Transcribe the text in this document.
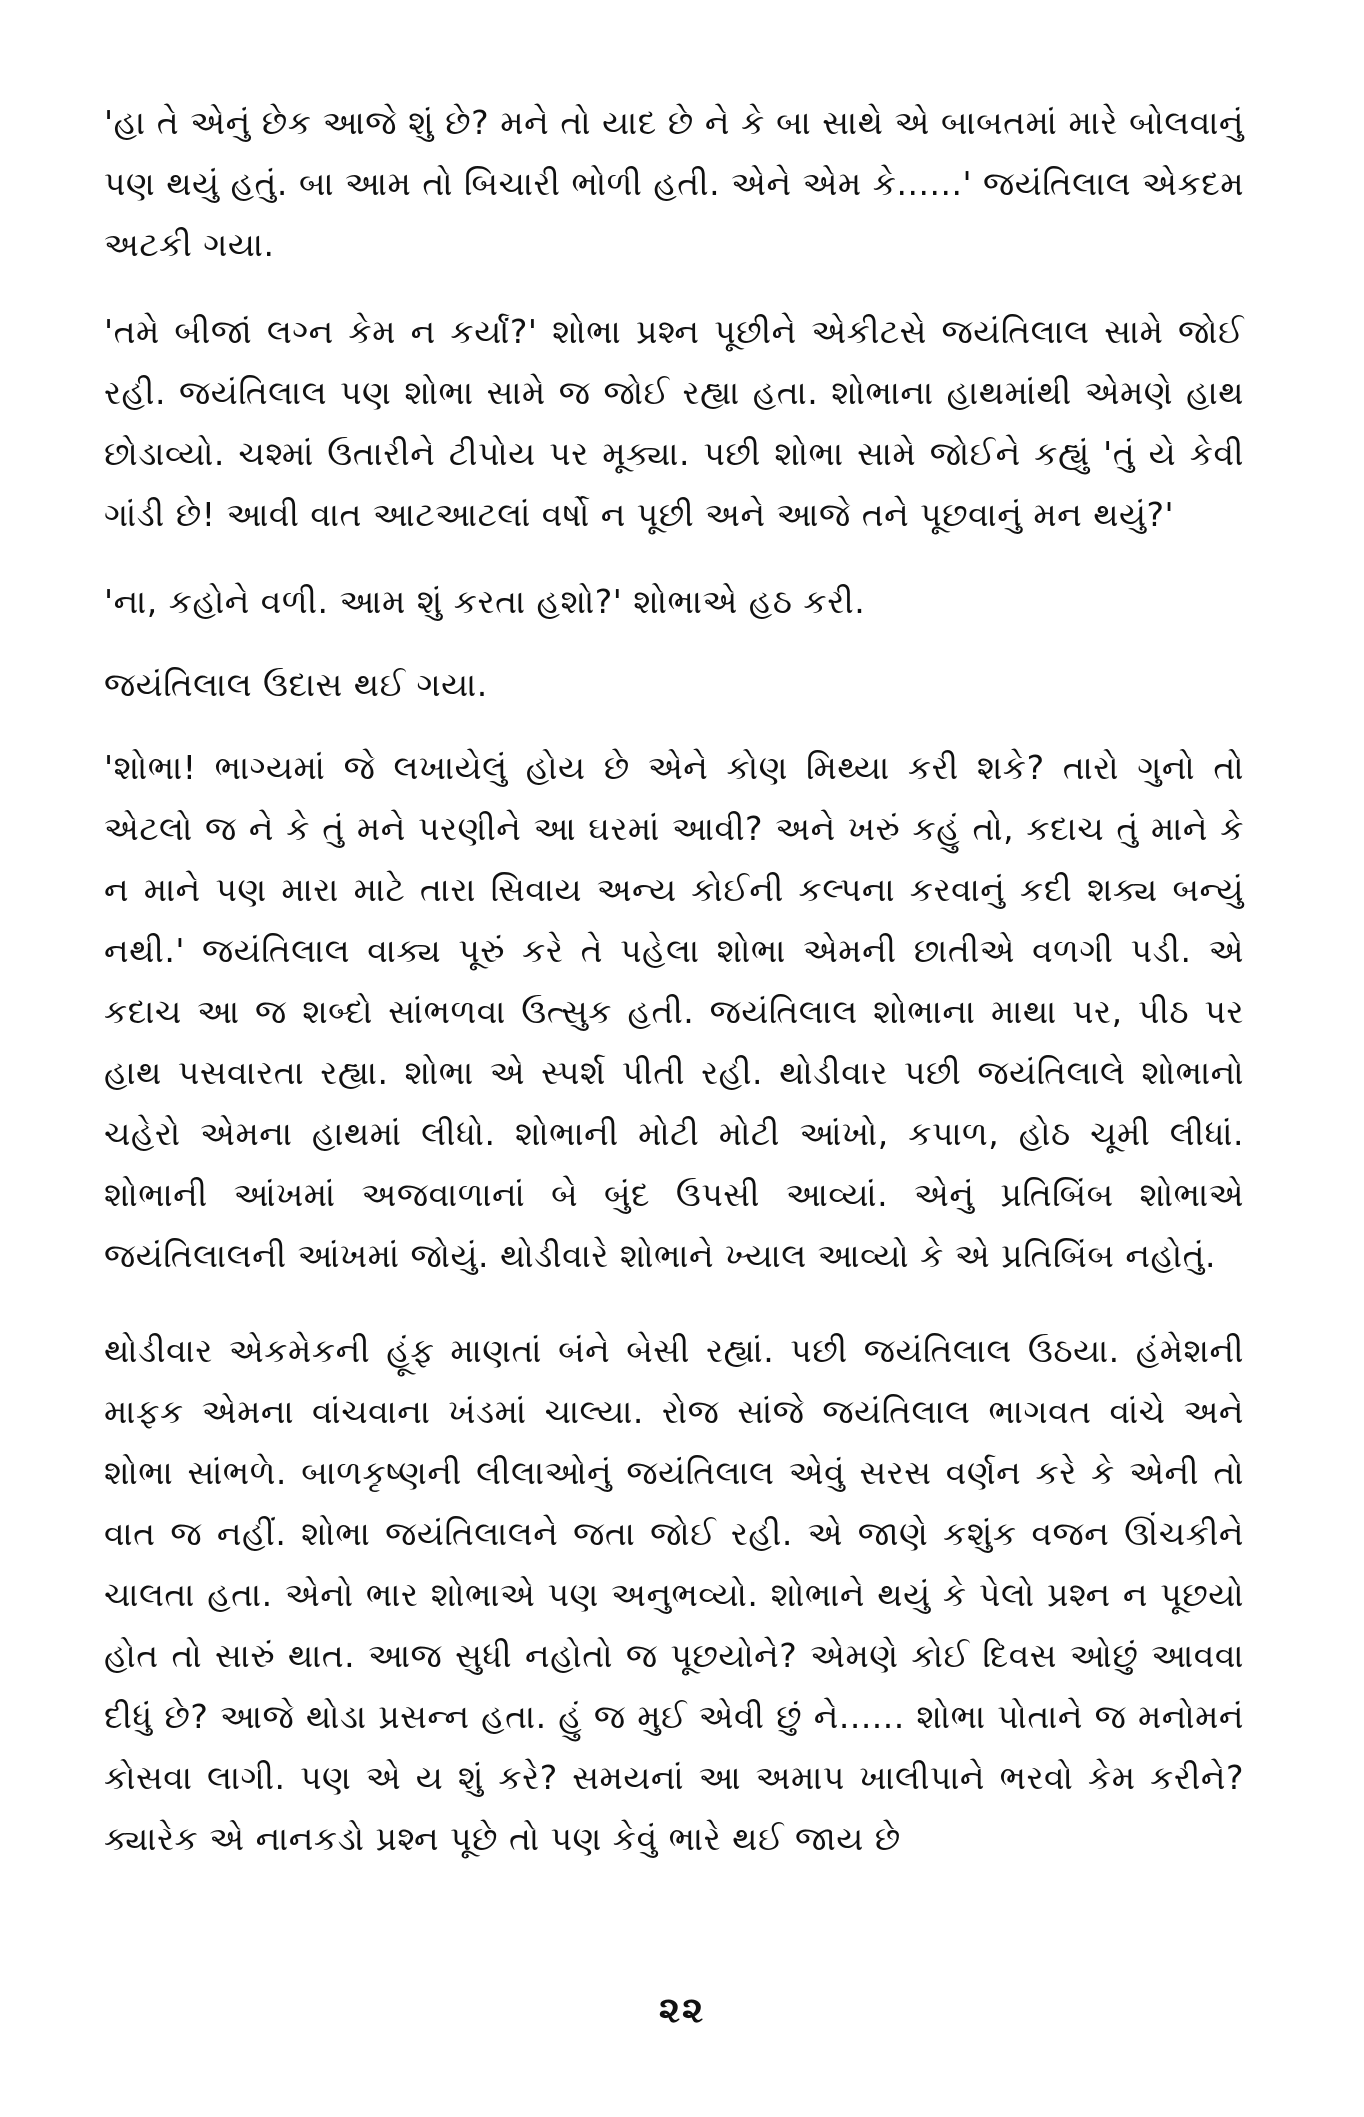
'હા તે એનું છેક આજે શું છે? મને તો યાદ છે ને કે બા સાથે એ બાબતમાં મારે બોલવાનું પણ થયું હતું. બા આમ તો બિચારી ભોળી હતી. એને એમ કે......' જયંતિલાલ એકદમ અટકી ગયા.

'તમે બીજાં લગ્ન કેમ ન કર્યાં?' શોભા પ્રશ્ન પૂછીને એકીટસે જયંતિલાલ સામે જોઈ રહી. જયંતિલાલ પણ શોભા સામે જ જોઈ રહ્યા હતા. શોભાના હાથમાંથી એમણે હાથ છોડાવ્યો. ચશ્માં ઉતારીને ટીપોય પર મૂક્યા. પછી શોભા સામે જોઈને કહ્યું 'તું યે કેવી ગાંડી છે! આવી વાત આટઆટલાં વર્ષો ન પૂછી અને આજે તને પૂછવાનું મન થયું?'

'ના, કહોને વળી. આમ શું કરતા હશો?' શોભાએ હઠ કરી.

જયંતિલાલ ઉદાસ થઈ ગયા.

'શોભા! ભાગ્યમાં જે લખાયેલું હોય છે એને કોણ મિથ્યા કરી શકે? તારો ગુનો તો એટલો જ ને કે તું મને પરણીને આ ઘરમાં આવી? અને ખરું કહું તો, કદાચ તું માને કે ન માને પણ મારા માટે તારા સિવાય અન્ય કોઈની કલ્પના કરવાનું કદી શક્ય બન્યું નથી.' જયંતિલાલ વાક્ય પૂરું કરે તે પહેલા શોભા એમની છાતીએ વળગી પડી. એ કદાચ આ જ શબ્દો સાંભળવા ઉત્સુક હતી. જયંતિલાલ શોભાના માથા પર, પીઠ પર હાથ પસવારતા રહ્યા. શોભા એ સ્પર્શ પીતી રહી. થોડીવાર પછી જયંતિલાલે શોભાનો ચહેરો એમના હાથમાં લીધો. શોભાની મોટી મોટી આંખો, કપાળ, હોઠ ચૂમી લીધાં. શોભાની આંખમાં અજવાળાનાં બે બુંદ ઉપસી આવ્યાં. એનું પ્રતિબિંબ શોભાએ જયંતિલાલની આંખમાં જોયું. થોડીવારે શોભાને ખ્યાલ આવ્યો કે એ પ્રતિબિંબ નહોતું.

થોડીવાર એકમેકની હૂંફ માણતાં બંને બેસી રહ્યાં. પછી જયંતિલાલ ઉઠયા. હંમેશની માફક એમના વાંચવાના ખંડમાં ચાલ્યા. રોજ સાંજે જયંતિલાલ ભાગવત વાંચે અને શોભા સાંભળે. બાળકૃષ્ણની લીલાઓનું જયંતિલાલ એવું સરસ વર્ણન કરે કે એની તો વાત જ નહીં. શોભા જયંતિલાલને જતા જોઈ રહી. એ જાણે કશુંક વજન ઊંચકીને ચાલતા હતા. એનો ભાર શોભાએ પણ અનુભવ્યો. શોભાને થયું કે પેલો પ્રશ્ન ન પૂછયો હોત તો સારું થાત. આજ સુધી નહોતો જ પૂછયોને? એમણે કોઈ દિવસ ઓછું આવવા દીધું છે? આજે થોડા પ્રસન્ન હતા. હું જ મુઈ એવી છું ને...... શોભા પોતાને જ મનોમનં કોસવા લાગી. પણ એ ય શું કરે? સમયનાં આ અમાપ ખાલીપાને ભરવો કેમ કરીને? ક્યારેક એ નાનકડો પ્રશ્ન પૂછે તો પણ કેવું ભારે થઈ જાય છે

૨૨
